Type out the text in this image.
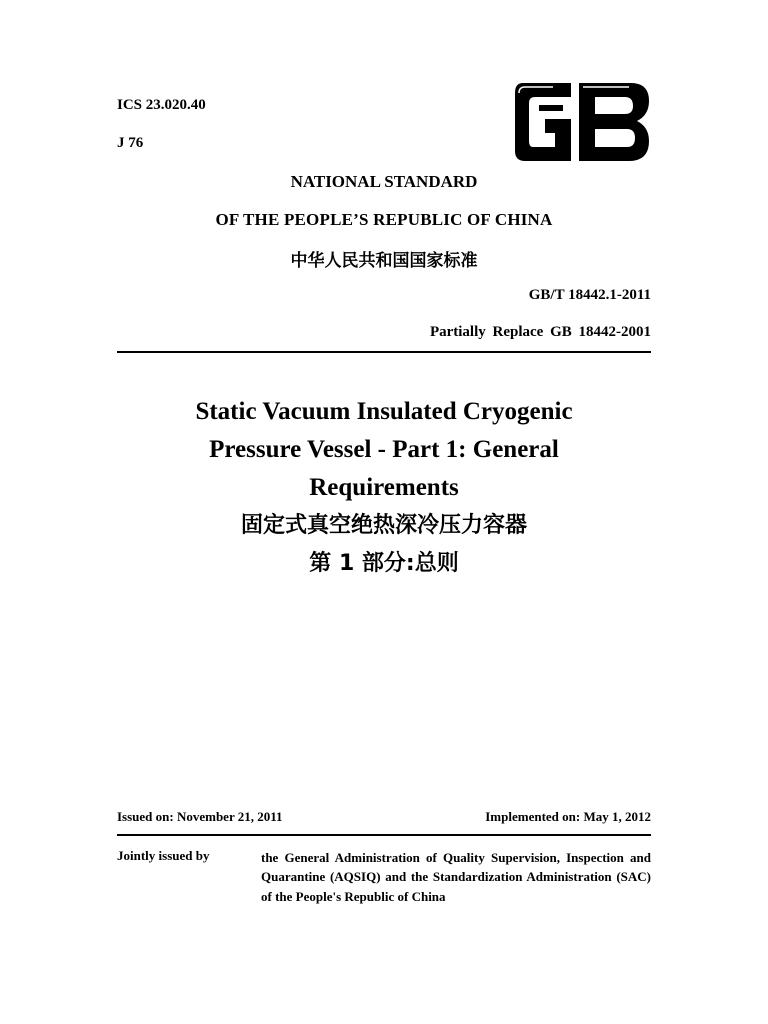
ICS 23.020.40
J 76
NATIONAL STANDARD
OF THE PEOPLE’S REPUBLIC OF CHINA
中华人民共和国国家标准
GB/T 18442.1-2011
Partially Replace GB 18442-2001
Static Vacuum Insulated Cryogenic
Pressure Vessel - Part 1: General
Requirements
固定式真空绝热深冷压力容器
第 1 部分:总则
Issued on: November 21, 2011	Implemented on: May 1, 2012
Jointly issued by	the General Administration of Quality Supervision, Inspection and Quarantine (AQSIQ) and the Standardization Administration (SAC) of the People's Republic of China
